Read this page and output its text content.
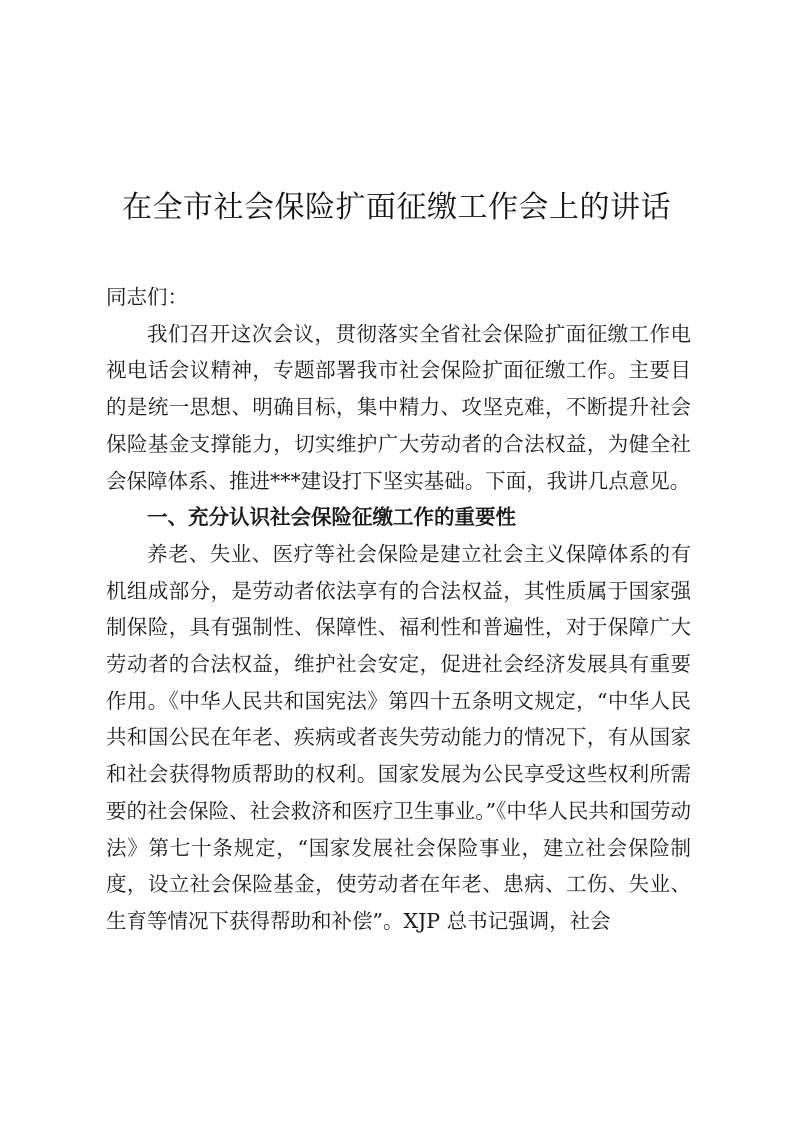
在全市社会保险扩面征缴工作会上的讲话

同志们：

我们召开这次会议，贯彻落实全省社会保险扩面征缴工作电视电话会议精神，专题部署我市社会保险扩面征缴工作。主要目的是统一思想、明确目标，集中精力、攻坚克难，不断提升社会保险基金支撑能力，切实维护广大劳动者的合法权益，为健全社会保障体系、推进***建设打下坚实基础。下面，我讲几点意见。

一、充分认识社会保险征缴工作的重要性

养老、失业、医疗等社会保险是建立社会主义保障体系的有机组成部分，是劳动者依法享有的合法权益，其性质属于国家强制保险，具有强制性、保障性、福利性和普遍性，对于保障广大劳动者的合法权益，维护社会安定，促进社会经济发展具有重要作用。《中华人民共和国宪法》第四十五条明文规定，“中华人民共和国公民在年老、疾病或者丧失劳动能力的情况下，有从国家和社会获得物质帮助的权利。国家发展为公民享受这些权利所需要的社会保险、社会救济和医疗卫生事业。”《中华人民共和国劳动法》第七十条规定，“国家发展社会保险事业，建立社会保险制度，设立社会保险基金，使劳动者在年老、患病、工伤、失业、生育等情况下获得帮助和补偿”。XJP 总书记强调，社会
